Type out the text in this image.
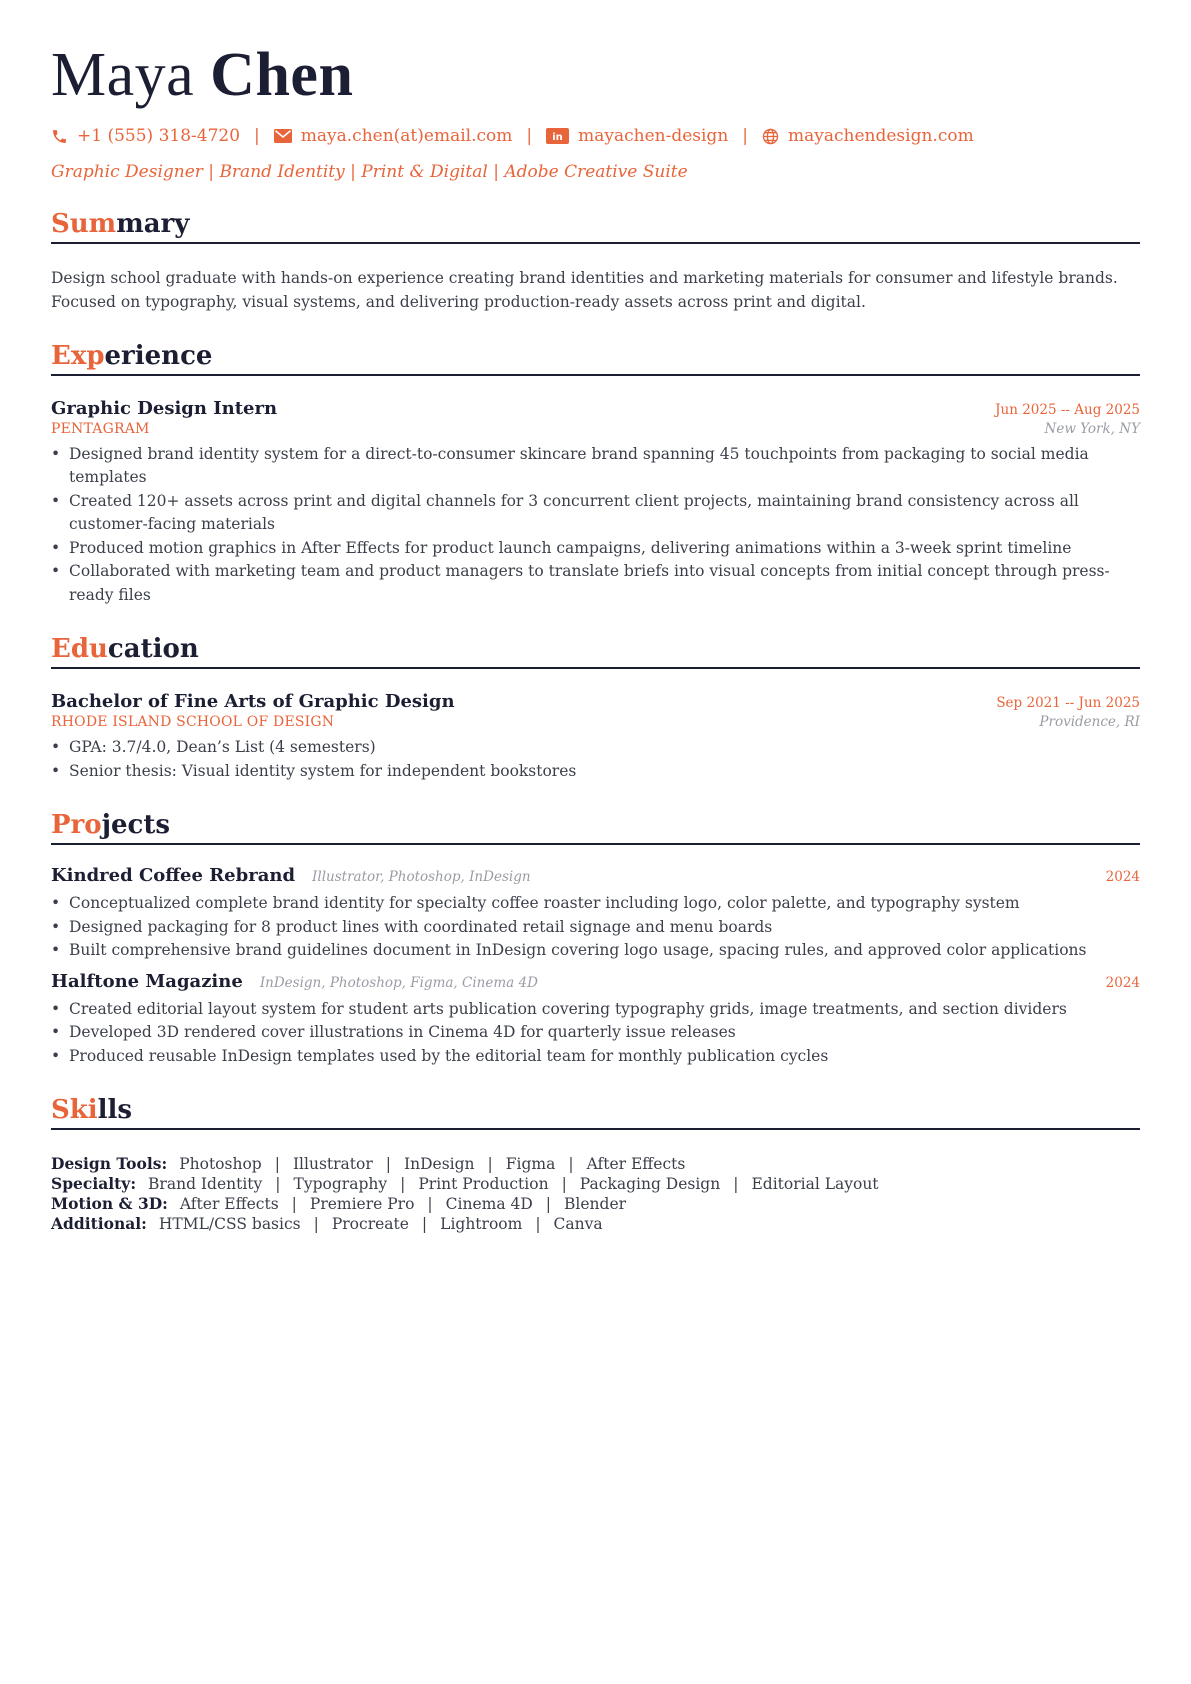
Maya Chen
+1 (555) 318-4720 | maya.chen(at)email.com | in mayachen-design | mayachendesign.com
Graphic Designer | Brand Identity | Print & Digital | Adobe Creative Suite
Summary
Design school graduate with hands-on experience creating brand identities and marketing materials for consumer and lifestyle brands. Focused on typography, visual systems, and delivering production-ready assets across print and digital.
Experience
Graphic Design Intern	Jun 2025 -- Aug 2025
PENTAGRAM	New York, NY
• Designed brand identity system for a direct-to-consumer skincare brand spanning 45 touchpoints from packaging to social media templates
• Created 120+ assets across print and digital channels for 3 concurrent client projects, maintaining brand consistency across all customer-facing materials
• Produced motion graphics in After Effects for product launch campaigns, delivering animations within a 3-week sprint timeline
• Collaborated with marketing team and product managers to translate briefs into visual concepts from initial concept through press-ready files
Education
Bachelor of Fine Arts of Graphic Design	Sep 2021 -- Jun 2025
RHODE ISLAND SCHOOL OF DESIGN	Providence, RI
• GPA: 3.7/4.0, Dean’s List (4 semesters)
• Senior thesis: Visual identity system for independent bookstores
Projects
Kindred Coffee Rebrand Illustrator, Photoshop, InDesign	2024
• Conceptualized complete brand identity for specialty coffee roaster including logo, color palette, and typography system
• Designed packaging for 8 product lines with coordinated retail signage and menu boards
• Built comprehensive brand guidelines document in InDesign covering logo usage, spacing rules, and approved color applications
Halftone Magazine InDesign, Photoshop, Figma, Cinema 4D	2024
• Created editorial layout system for student arts publication covering typography grids, image treatments, and section dividers
• Developed 3D rendered cover illustrations in Cinema 4D for quarterly issue releases
• Produced reusable InDesign templates used by the editorial team for monthly publication cycles
Skills
Design Tools: Photoshop | Illustrator | InDesign | Figma | After Effects
Specialty: Brand Identity | Typography | Print Production | Packaging Design | Editorial Layout
Motion & 3D: After Effects | Premiere Pro | Cinema 4D | Blender
Additional: HTML/CSS basics | Procreate | Lightroom | Canva
